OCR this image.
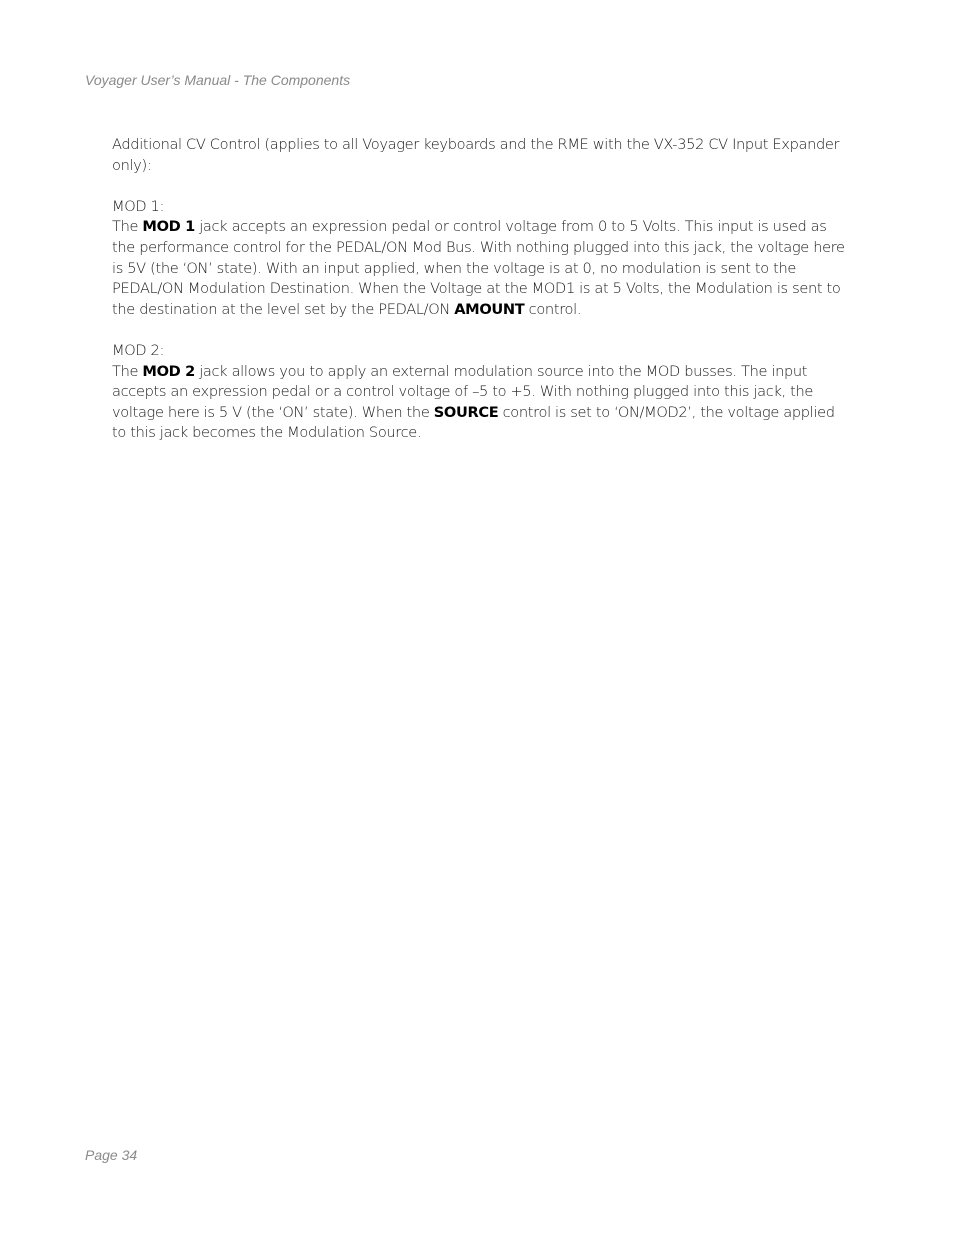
Voyager User’s Manual - The Components

Additional CV Control (applies to all Voyager keyboards and the RME with the VX-352 CV Input Expander only):

MOD 1:

The MOD 1 jack accepts an expression pedal or control voltage from 0 to 5 Volts. This input is used as the performance control for the PEDAL/ON Mod Bus. With nothing plugged into this jack, the voltage here is 5V (the ‘ON’ state). With an input applied, when the voltage is at 0, no modulation is sent to the PEDAL/ON Modulation Destination. When the Voltage at the MOD1 is at 5 Volts, the Modulation is sent to the destination at the level set by the PEDAL/ON AMOUNT control.

MOD 2:

The MOD 2 jack allows you to apply an external modulation source into the MOD busses. The input accepts an expression pedal or a control voltage of –5 to +5. With nothing plugged into this jack, the voltage here is 5 V (the ‘ON’ state). When the SOURCE control is set to ‘ON/MOD2’, the voltage applied to this jack becomes the Modulation Source.

Page 34
